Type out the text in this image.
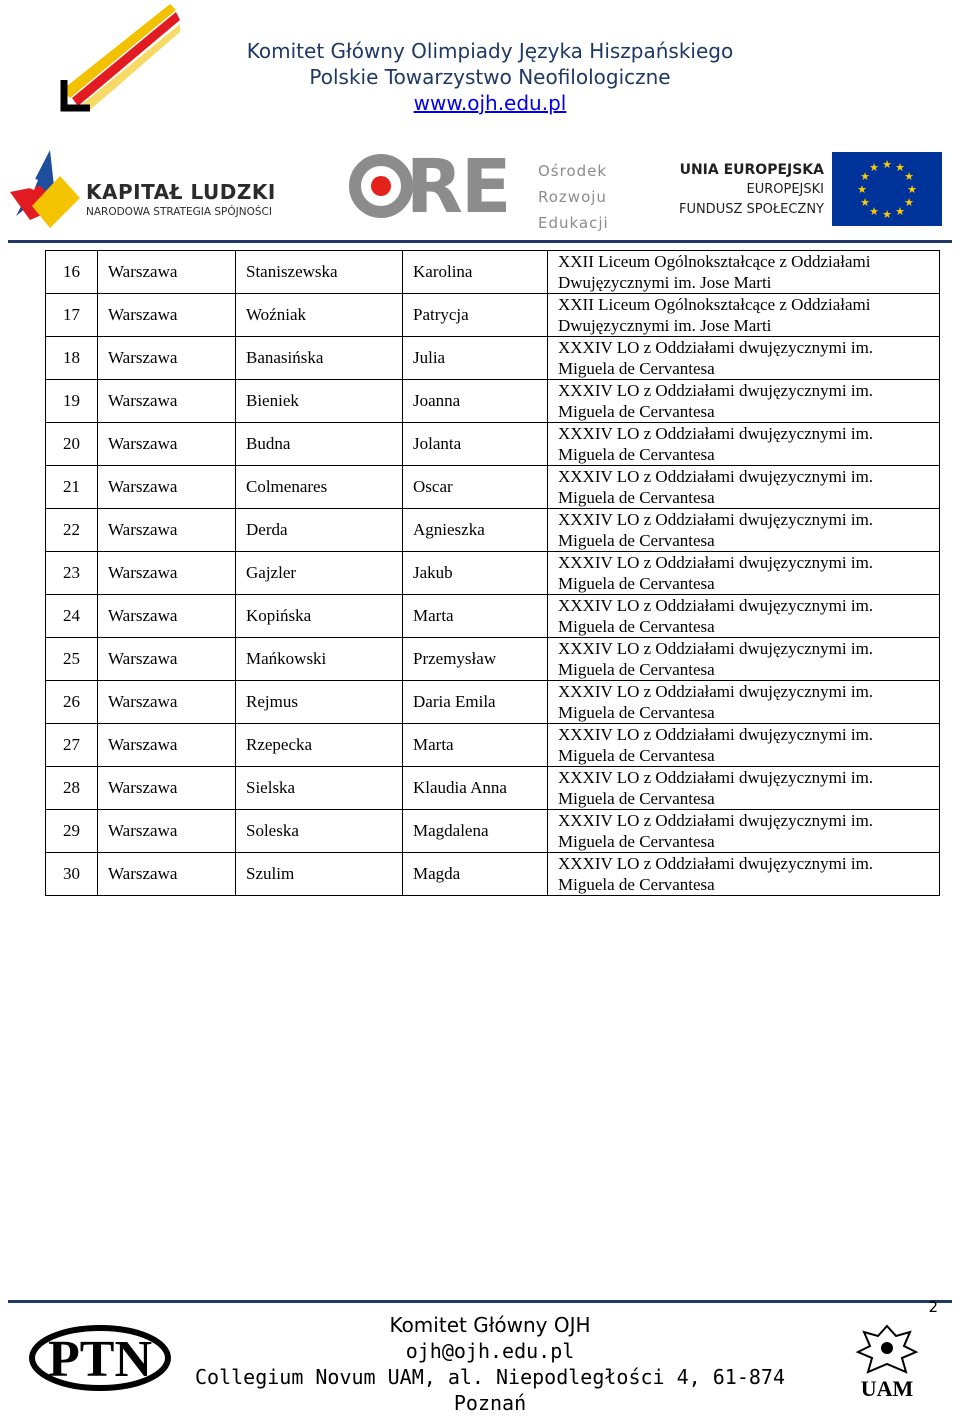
Komitet Główny Olimpiady Języka Hiszpańskiego
Polskie Towarzystwo Neofilologiczne
www.ojh.edu.pl
KAPITAŁ LUDZKI
NARODOWA STRATEGIA SPÓJNOŚCI	RE Ośrodek
Rozwoju
Edukacji
UNIA EUROPEJSKA
EUROPEJSKI
FUNDUSZ SPOŁECZNY
★ ★
★
★
★
★
★
★
★
★
★
★
16	Warszawa	Staniszewska	Karolina	XXII Liceum Ogólnokształcące z Oddziałami
Dwujęzycznymi im. Jose Marti

17	Warszawa	Woźniak	Patrycja	XXII Liceum Ogólnokształcące z Oddziałami
Dwujęzycznymi im. Jose Marti

18	Warszawa	Banasińska	Julia	XXXIV LO z Oddziałami dwujęzycznymi im.
Miguela de Cervantesa

19	Warszawa	Bieniek	Joanna	XXXIV LO z Oddziałami dwujęzycznymi im.
Miguela de Cervantesa

20	Warszawa	Budna	Jolanta	XXXIV LO z Oddziałami dwujęzycznymi im.
Miguela de Cervantesa

21	Warszawa	Colmenares	Oscar	XXXIV LO z Oddziałami dwujęzycznymi im.
Miguela de Cervantesa

22	Warszawa	Derda	Agnieszka	XXXIV LO z Oddziałami dwujęzycznymi im.
Miguela de Cervantesa

23	Warszawa	Gajzler	Jakub	XXXIV LO z Oddziałami dwujęzycznymi im.
Miguela de Cervantesa

24	Warszawa	Kopińska	Marta	XXXIV LO z Oddziałami dwujęzycznymi im.
Miguela de Cervantesa

25	Warszawa	Mańkowski	Przemysław	XXXIV LO z Oddziałami dwujęzycznymi im.
Miguela de Cervantesa

26	Warszawa	Rejmus	Daria Emila	XXXIV LO z Oddziałami dwujęzycznymi im.
Miguela de Cervantesa

27	Warszawa	Rzepecka	Marta	XXXIV LO z Oddziałami dwujęzycznymi im.
Miguela de Cervantesa

28	Warszawa	Sielska	Klaudia Anna	XXXIV LO z Oddziałami dwujęzycznymi im.
Miguela de Cervantesa

29	Warszawa	Soleska	Magdalena	XXXIV LO z Oddziałami dwujęzycznymi im.
Miguela de Cervantesa

30	Warszawa	Szulim	Magda	XXXIV LO z Oddziałami dwujęzycznymi im.
Miguela de Cervantesa
2
PTN
Komitet Główny OJH
ojh@ojh.edu.pl
Collegium Novum UAM, al. Niepodległości 4, 61-874 Poznań
UAM
